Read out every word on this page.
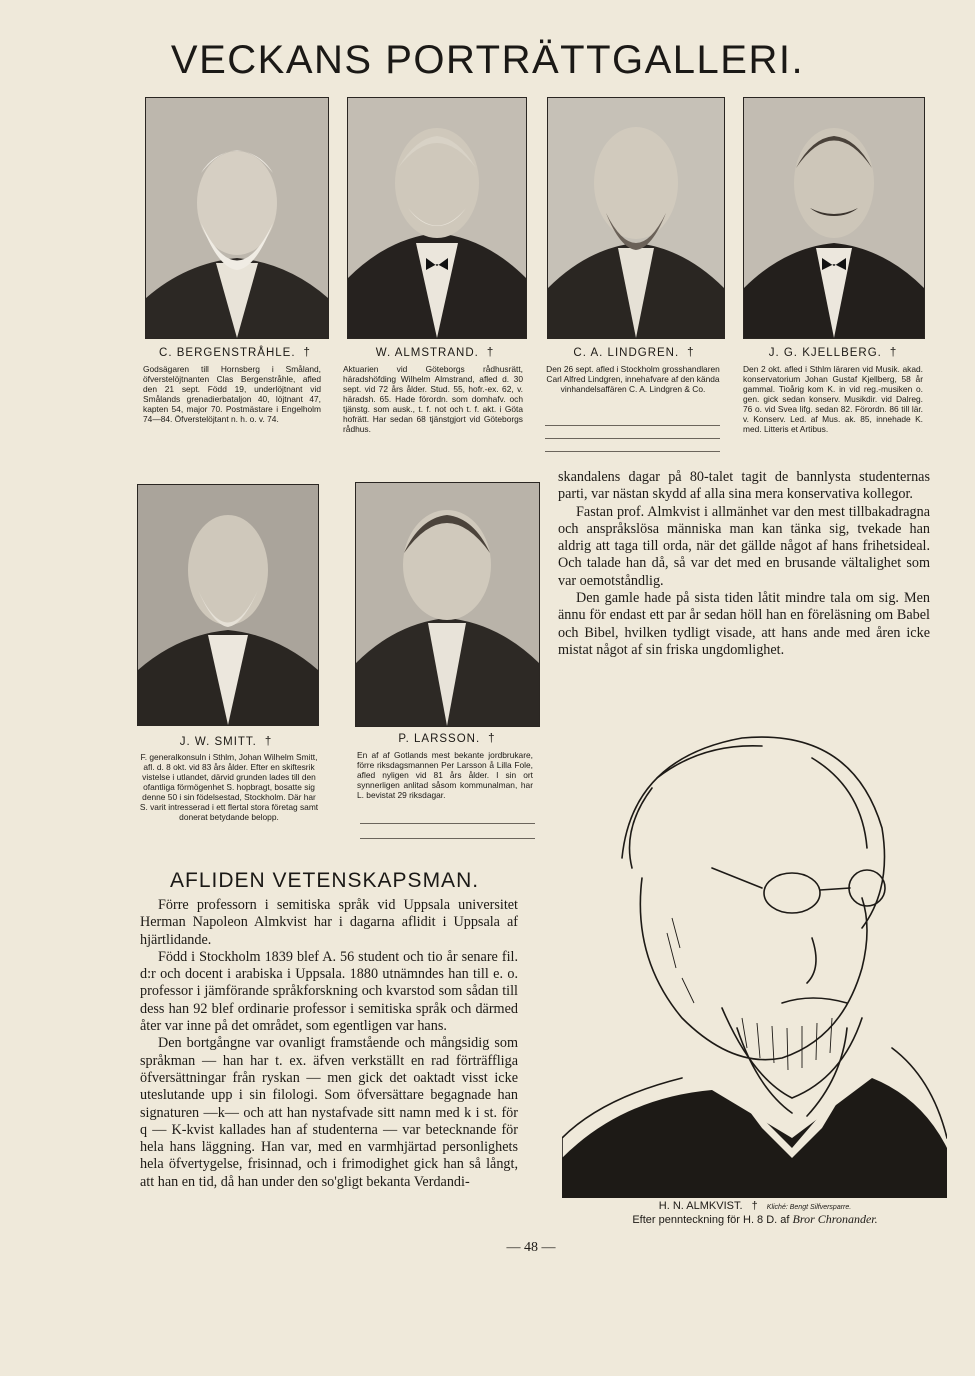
VECKANS PORTRÄTTGALLERI.
C. BERGENSTRÅHLE. †
Godsägaren till Hornsberg i Småland, öfverstelöjtnanten Clas Bergenstråhle, afled den 21 sept. Född 19, underlöjtnant vid Smålands grenadierbataljon 40, löjtnant 47, kapten 54, major 70. Postmästare i Engelholm 74—84. Öfverstelöjtant n. h. o. v. 74.
W. ALMSTRAND. †
Aktuarien vid Göteborgs rådhusrätt, häradshöfding Wilhelm Almstrand, afled d. 30 sept. vid 72 års ålder. Stud. 55, hofr.-ex. 62, v. häradsh. 65. Hade förordn. som domhafv. och tjänstg. som ausk., t. f. not och t. f. akt. i Göta hofrätt. Har sedan 68 tjänstgjort vid Göteborgs rådhus.
C. A. LINDGREN. †
Den 26 sept. afled i Stockholm grosshandlaren Carl Alfred Lindgren, innehafvare af den kända vinhandelsaffären C. A. Lindgren & Co.
J. G. KJELLBERG. †
Den 2 okt. afled i Sthlm läraren vid Musik. akad. konservatorium Johan Gustaf Kjellberg, 58 år gammal. Tioårig kom K. in vid reg.-musiken o. gen. gick sedan konserv. Musikdir. vid Dalreg. 76 o. vid Svea lifg. sedan 82. Förordn. 86 till lär. v. Konserv. Led. af Mus. ak. 85, innehade K. med. Litteris et Artibus.
J. W. SMITT. †
F. generalkonsuln i Sthlm, Johan Wilhelm Smitt, afl. d. 8 okt. vid 83 års ålder. Efter en skiftesrik vistelse i utlandet, därvid grunden lades till den ofantliga förmögenhet S. hopbragt, bosatte sig denne 50 i sin födelsestad, Stockholm. Där har S. varit intresserad i ett flertal stora företag samt donerat betydande belopp.
P. LARSSON. †
En af af Gotlands mest bekante jordbrukare, förre riksdagsmannen Per Larsson å Lilla Folе, afled nyligen vid 81 års ålder. I sin ort synnerligen anlitad såsom kommunalman, har L. bevistat 29 riksdagar.

skandalens dagar på 80-talet tagit de bannlysta studenternas parti, var nästan skydd af alla sina mera konservativa kollegor.

Fastan prof. Almkvist i allmänhet var den mest tillbakadragna och anspråkslösa människa man kan tänka sig, tvekade han aldrig att taga till orda, när det gällde något af hans frihetsideal. Och talade han då, så var det med en brusande vältalighet som var oemotståndlig.

Den gamle hade på sista tiden låtit mindre tala om sig. Men ännu för endast ett par år sedan höll han en föreläsning om Babel och Bibel, hvilken tydligt visade, att hans ande med åren icke mistat något af sin friska ungdomlighet.

AFLIDEN VETENSKAPSMAN.

Förre professorn i semitiska språk vid Uppsala universitet Herman Napoleon Almkvist har i dagarna aflidit i Uppsala af hjärtlidande.

Född i Stockholm 1839 blef A. 56 student och tio år senare fil. d:r och docent i arabiska i Uppsala. 1880 utnämndes han till e. o. professor i jämförande språkforskning och kvarstod som sådan till dess han 92 blef ordinarie professor i semitiska språk och därmed åter var inne på det området, som egentligen var hans.

Den bortgångne var ovanligt framstående och mångsidig som språkman — han har t. ex. äfven verkställt en rad förträffliga öfversättningar från ryskan — men gick det oaktadt visst icke uteslutande upp i sin filologi. Som öfversättare begagnade han signaturen —k— och att han nystafvade sitt namn med k i st. för q — K-kvist kallades han af studenterna — var betecknande för hela hans läggning. Han var, med en varmhjärtad personlighets hela öfvertygelse, frisinnad, och i frimodighet gick han så långt, att han en tid, då han under den so'gligt bekanta Verdandi-

H. N. ALMKVIST. † Kliché: Bengt Silfversparre.
Efter pennteckning för H. 8 D. af Bror Chronander.
— 48 —
